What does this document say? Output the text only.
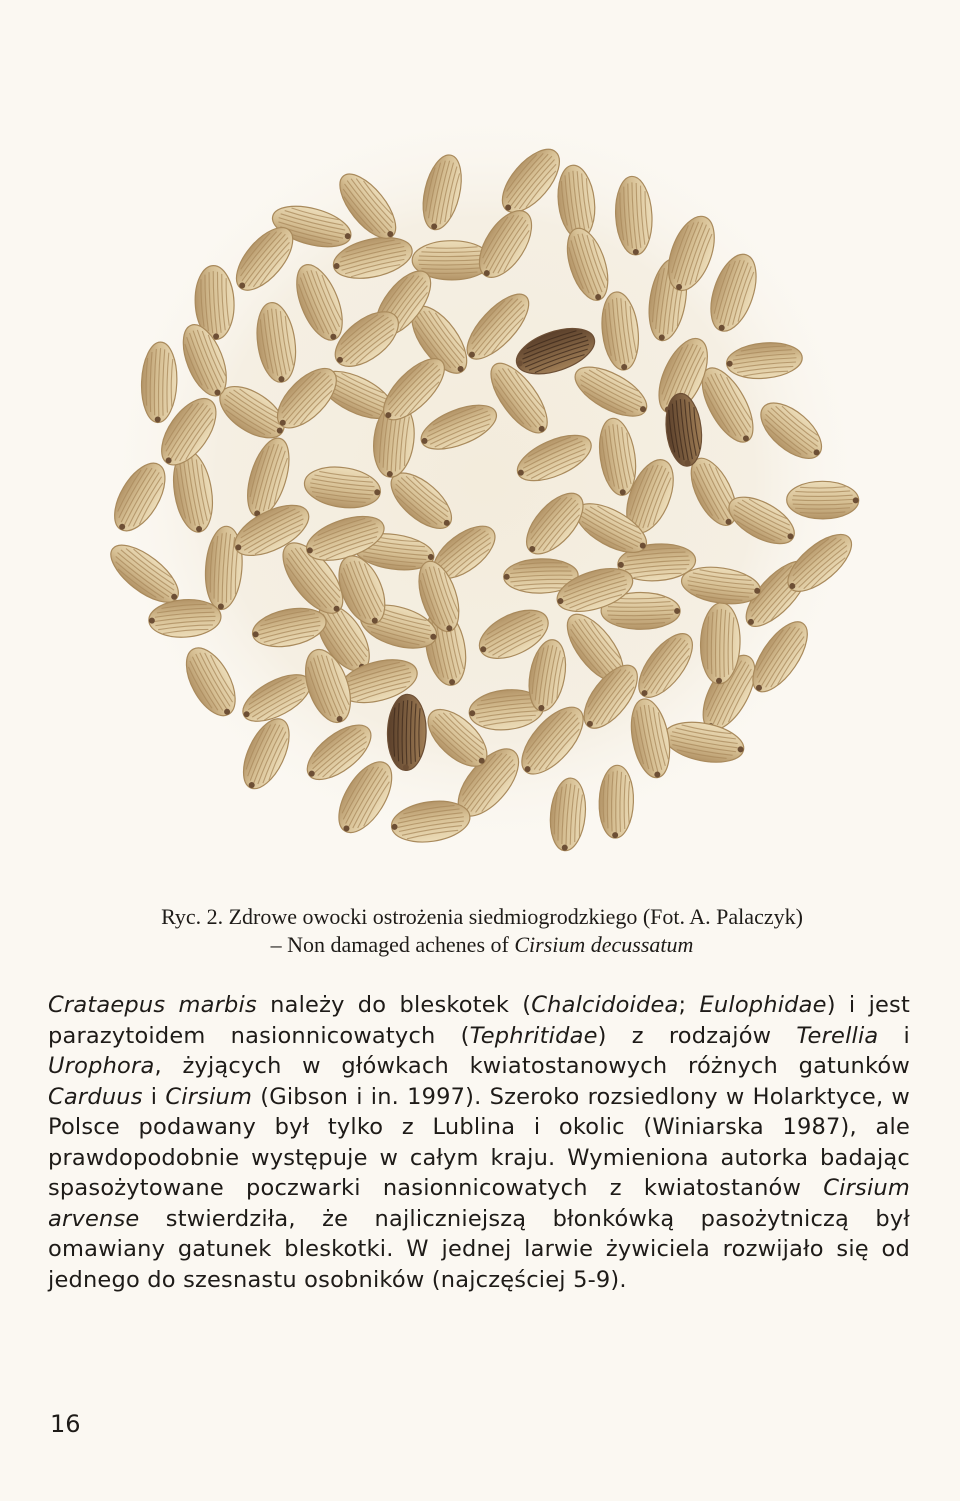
Ryc. 2. Zdrowe owocki ostrożenia siedmiogrodzkiego (Fot. A. Palaczyk)
– Non damaged achenes of Cirsium decussatum

Crataepus marbis należy do bleskotek (Chalcidoidea; Eulophidae) i jest parazytoidem nasionnicowatych (Tephritidae) z rodzajów Terellia i Urophora, żyjących w główkach kwiatostanowych różnych gatunków Carduus i Cirsium (Gibson i in. 1997). Szeroko rozsiedlony w Holarktyce, w Polsce podawany był tylko z Lublina i okolic (Winiarska 1987), ale prawdopodobnie występuje w całym kraju. Wymieniona autorka badając spasożytowane poczwarki nasionnicowatych z kwiatostanów Cirsium arvense stwierdziła, że najliczniejszą błonkówką pasożytniczą był omawiany gatunek bleskotki. W jednej larwie żywiciela rozwijało się od jednego do szesnastu osobników (najczęściej 5-9).

16
